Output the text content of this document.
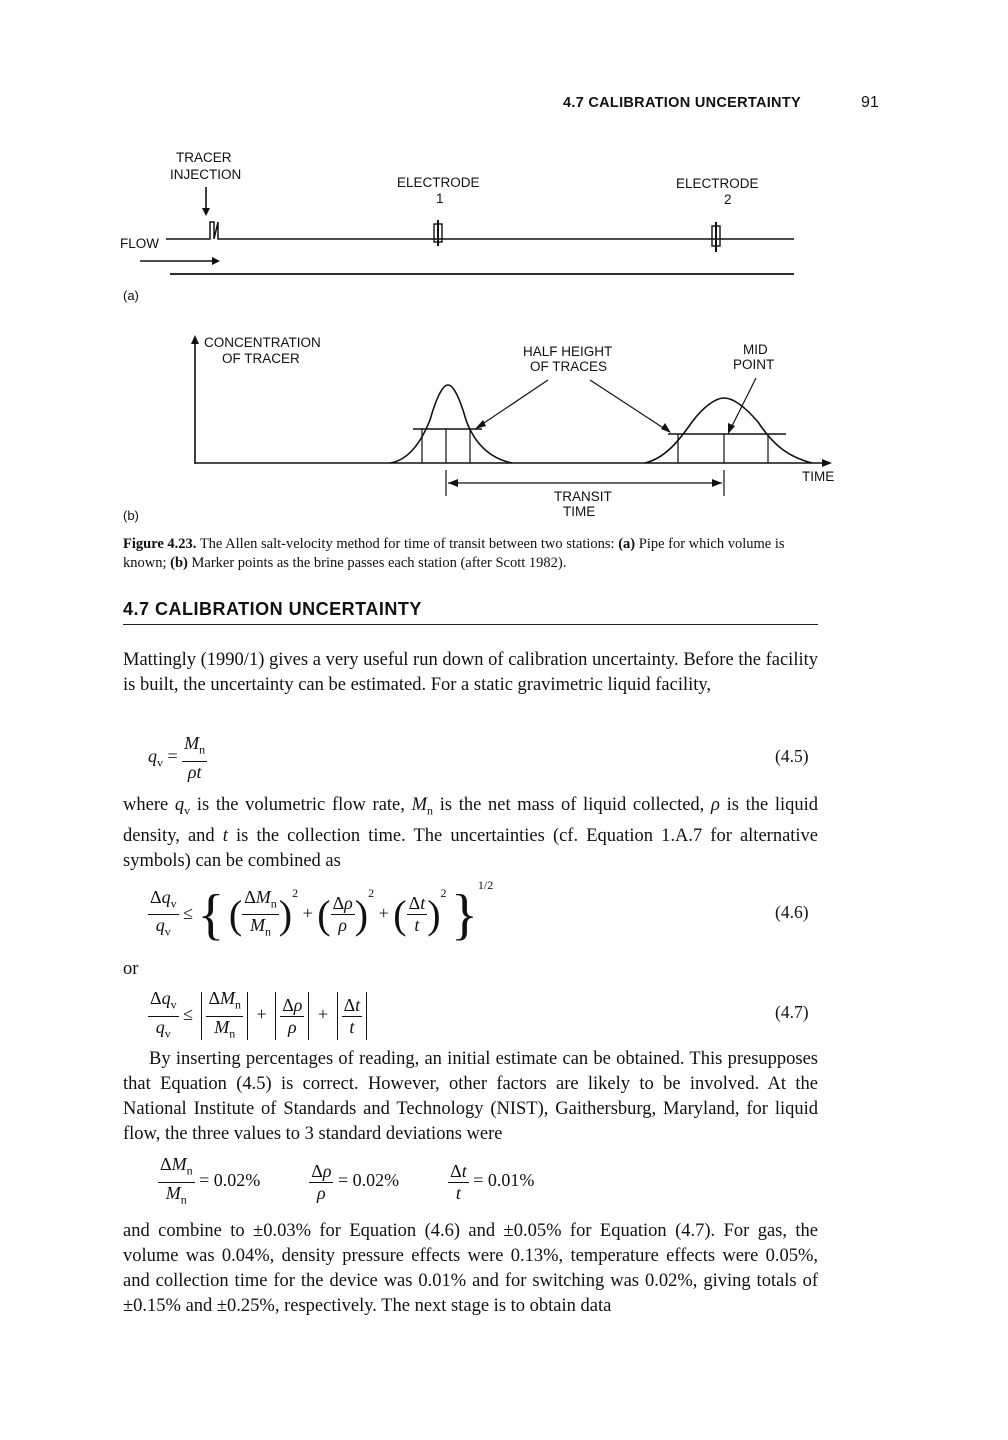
4.7 CALIBRATION UNCERTAINTY	91
TRACER
INJECTION
ELECTRODE
1
ELECTRODE
2
FLOW
(a)
CONCENTRATION
OF TRACER
TIME
HALF HEIGHT
OF TRACES
MID
POINT
TRANSIT
TIME
(b)
Figure 4.23. The Allen salt-velocity method for time of transit between two stations: (a) Pipe for which volume is known; (b) Marker points as the brine passes each station (after Scott 1982).
4.7 CALIBRATION UNCERTAINTY
Mattingly (1990/1) gives a very useful run down of calibration uncertainty. Before the facility is built, the uncertainty can be estimated. For a static gravimetric liquid facility,
$q_v = \frac{M_n}{\rho t}$	(4.5)
where $q_v$ is the volumetric flow rate, $M_n$ is the net mass of liquid collected, ρ is the liquid density, and t is the collection time. The uncertainties (cf. Equation 1.A.7 for alternative symbols) can be combined as
$\frac{\Delta q_v}{q_v}$ ≤ { ( $\frac{\Delta M_n}{M_n} )^2$ + ( $\frac{\Delta\rho}{\rho} )^2$ + ( $\frac{\Delta t}{t} )^2$ }$^{1/2}$
(4.6)
or
$\frac{\Delta q_v}{q_v} \le \frac{\Delta M_n}{M_n} + \frac{\Delta\rho}{\rho} + \frac{\Delta t}{t}$	(4.7)
By inserting percentages of reading, an initial estimate can be obtained. This presupposes that Equation (4.5) is correct. However, other factors are likely to be involved. At the National Institute of Standards and Technology (NIST), Gaithersburg, Maryland, for liquid flow, the three values to 3 standard deviations were
$\frac{\Delta M_n}{M_n} = 0.02\%$	$\frac{\Delta\rho}{\rho} = 0.02\%$	$\frac{\Delta t}{t} = 0.01\%$
and combine to ±0.03% for Equation (4.6) and ±0.05% for Equation (4.7). For gas, the volume was 0.04%, density pressure effects were 0.13%, temperature effects were 0.05%, and collection time for the device was 0.01% and for switching was 0.02%, giving totals of ±0.15% and ±0.25%, respectively. The next stage is to obtain data
